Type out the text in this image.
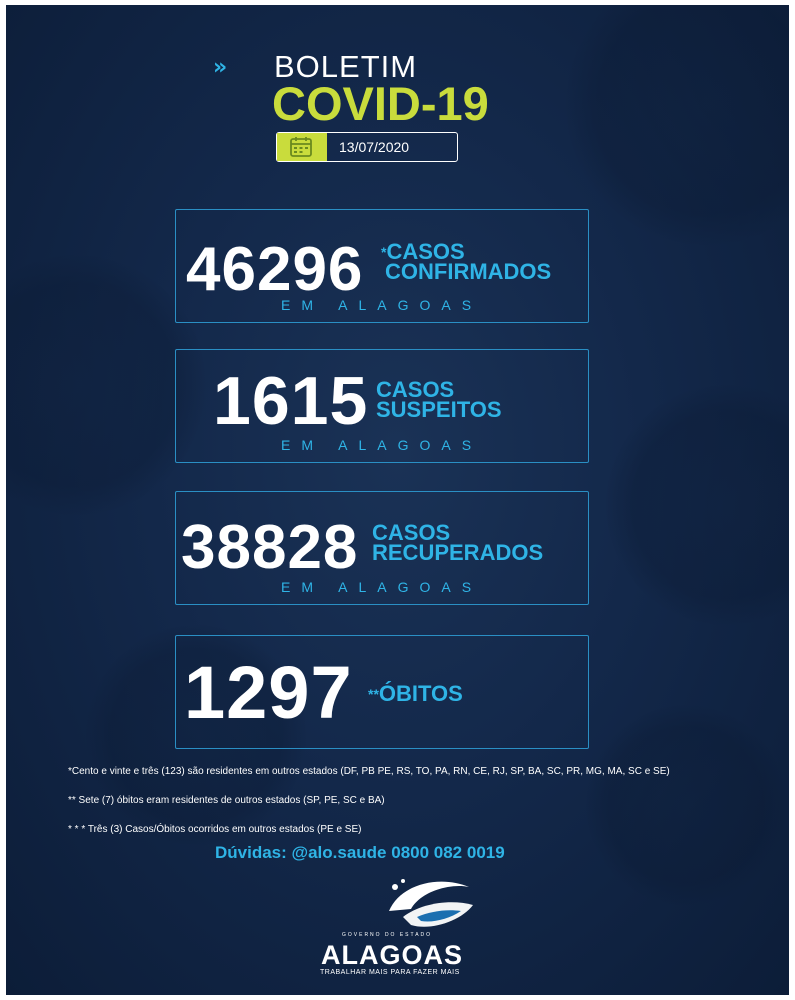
» BOLETIM
COVID-19
13/07/2020
46296 *CASOS
CONFIRMADOS
EM ALAGOAS
1615 CASOS
SUSPEITOS
EM ALAGOAS
38828 CASOS
RECUPERADOS
EM ALAGOAS
1297 **ÓBITOS
*Cento e vinte e três (123) são residentes em outros estados (DF, PB PE, RS, TO, PA, RN, CE, RJ, SP, BA, SC, PR, MG, MA, SC e SE)
** Sete (7) óbitos eram residentes de outros estados (SP, PE, SC e BA)
* * * Três (3) Casos/Óbitos ocorridos em outros estados (PE e SE)
Dúvidas: @alo.saude 0800 082 0019
GOVERNO DO ESTADO
ALAGOAS
TRABALHAR MAIS PARA FAZER MAIS
